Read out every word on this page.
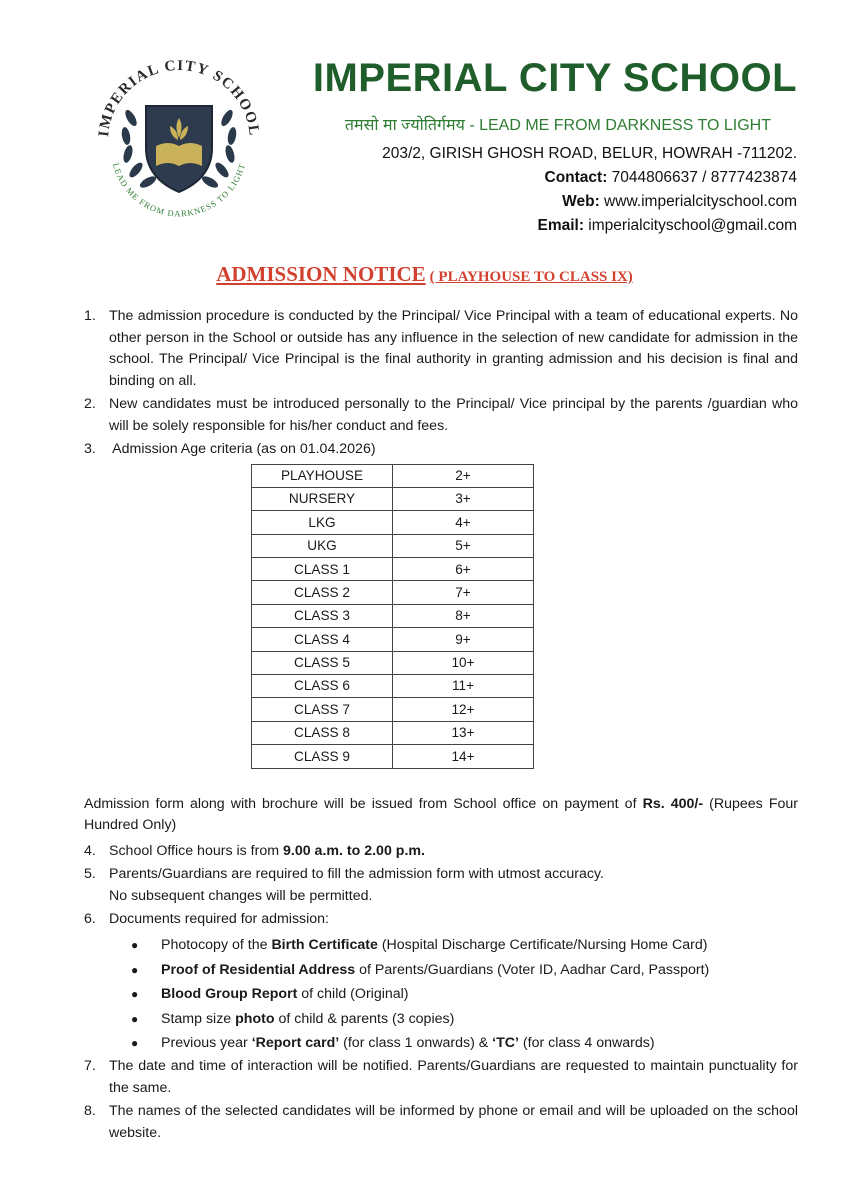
IMPERIAL CITY SCHOOL
LEAD ME FROM DARKNESS TO LIGHT
IMPERIAL CITY SCHOOL
तमसो मा ज्योतिर्गमय - LEAD ME FROM DARKNESS TO LIGHT
203/2, GIRISH GHOSH ROAD, BELUR, HOWRAH -711202.
Contact: 7044806637 / 8777423874
Web: www.imperialcityschool.com
Email: imperialcityschool@gmail.com
ADMISSION NOTICE ( PLAYHOUSE TO CLASS IX)
1. The admission procedure is conducted by the Principal/ Vice Principal with a team of educational experts. No other person in the School or outside has any influence in the selection of new candidate for admission in the school. The Principal/ Vice Principal is the final authority in granting admission and his decision is final and binding on all.
2. New candidates must be introduced personally to the Principal/ Vice principal by the parents /guardian who will be solely responsible for his/her conduct and fees.
3. Admission Age criteria (as on 01.04.2026)
PLAYHOUSE	2+
NURSERY	3+
LKG	4+
UKG	5+
CLASS 1	6+
CLASS 2	7+
CLASS 3	8+
CLASS 4	9+
CLASS 5	10+
CLASS 6	11+
CLASS 7	12+
CLASS 8	13+
CLASS 9	14+
Admission form along with brochure will be issued from School office on payment of Rs. 400/- (Rupees Four Hundred Only)
4. School Office hours is from 9.00 a.m. to 2.00 p.m.
5. Parents/Guardians are required to fill the admission form with utmost accuracy.
No subsequent changes will be permitted.
6. Documents required for admission:
●	Photocopy of the Birth Certificate (Hospital Discharge Certificate/Nursing Home Card)
●	Proof of Residential Address of Parents/Guardians (Voter ID, Aadhar Card, Passport)
●	Blood Group Report of child (Original)
●	Stamp size photo of child & parents (3 copies)
●	Previous year ‘Report card’ (for class 1 onwards) & ‘TC’ (for class 4 onwards)
7. The date and time of interaction will be notified. Parents/Guardians are requested to maintain punctuality for the same.
8. The names of the selected candidates will be informed by phone or email and will be uploaded on the school website.
